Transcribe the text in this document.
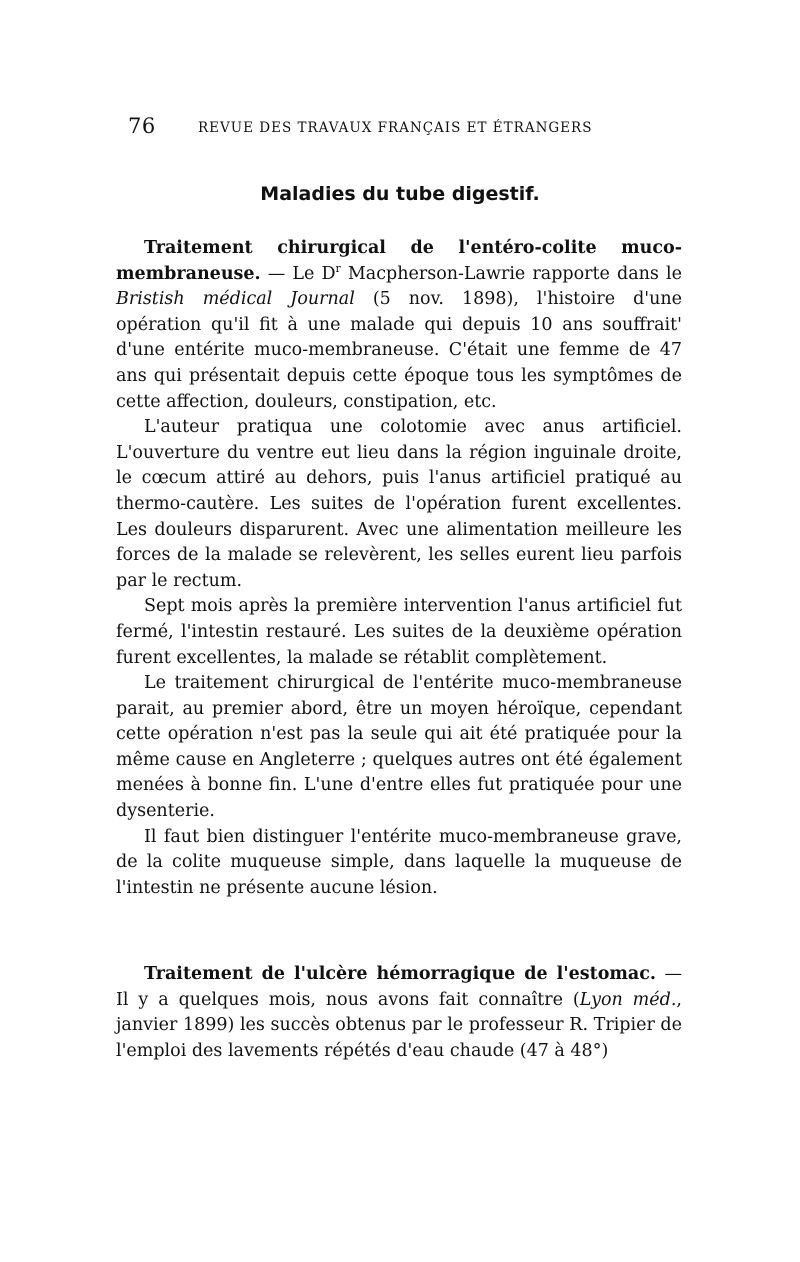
76	REVUE DES TRAVAUX FRANÇAIS ET ÉTRANGERS
Maladies du tube digestif.

Traitement chirurgical de l'entéro-colite muco-membraneuse. — Le $D^r$ Macpherson-Lawrie rapporte dans le Bristish médical Journal (5 nov. 1898), l'histoire d'une opération qu'il fit à une malade qui depuis 10 ans souffrait' d'une entérite muco-membraneuse. C'était une femme de 47 ans qui présentait depuis cette époque tous les symptômes de cette affection, douleurs, constipation, etc.

L'auteur pratiqua une colotomie avec anus artificiel. L'ouverture du ventre eut lieu dans la région inguinale droite, le cœcum attiré au dehors, puis l'anus artificiel pratiqué au thermo-cautère. Les suites de l'opération furent excellentes. Les douleurs disparurent. Avec une alimentation meilleure les forces de la malade se relevèrent, les selles eurent lieu parfois par le rectum.

Sept mois après la première intervention l'anus artificiel fut fermé, l'intestin restauré. Les suites de la deuxième opération furent excellentes, la malade se rétablit complètement.

Le traitement chirurgical de l'entérite muco-membraneuse parait, au premier abord, être un moyen héroïque, cependant cette opération n'est pas la seule qui ait été pratiquée pour la même cause en Angleterre ; quelques autres ont été également menées à bonne fin. L'une d'entre elles fut pratiquée pour une dysenterie.

Il faut bien distinguer l'entérite muco-membraneuse grave, de la colite muqueuse simple, dans laquelle la muqueuse de l'intestin ne présente aucune lésion.

Traitement de l'ulcère hémorragique de l'estomac. — Il y a quelques mois, nous avons fait connaître (Lyon méd., janvier 1899) les succès obtenus par le professeur R. Tripier de l'emploi des lavements répétés d'eau chaude (47 à 48°)
